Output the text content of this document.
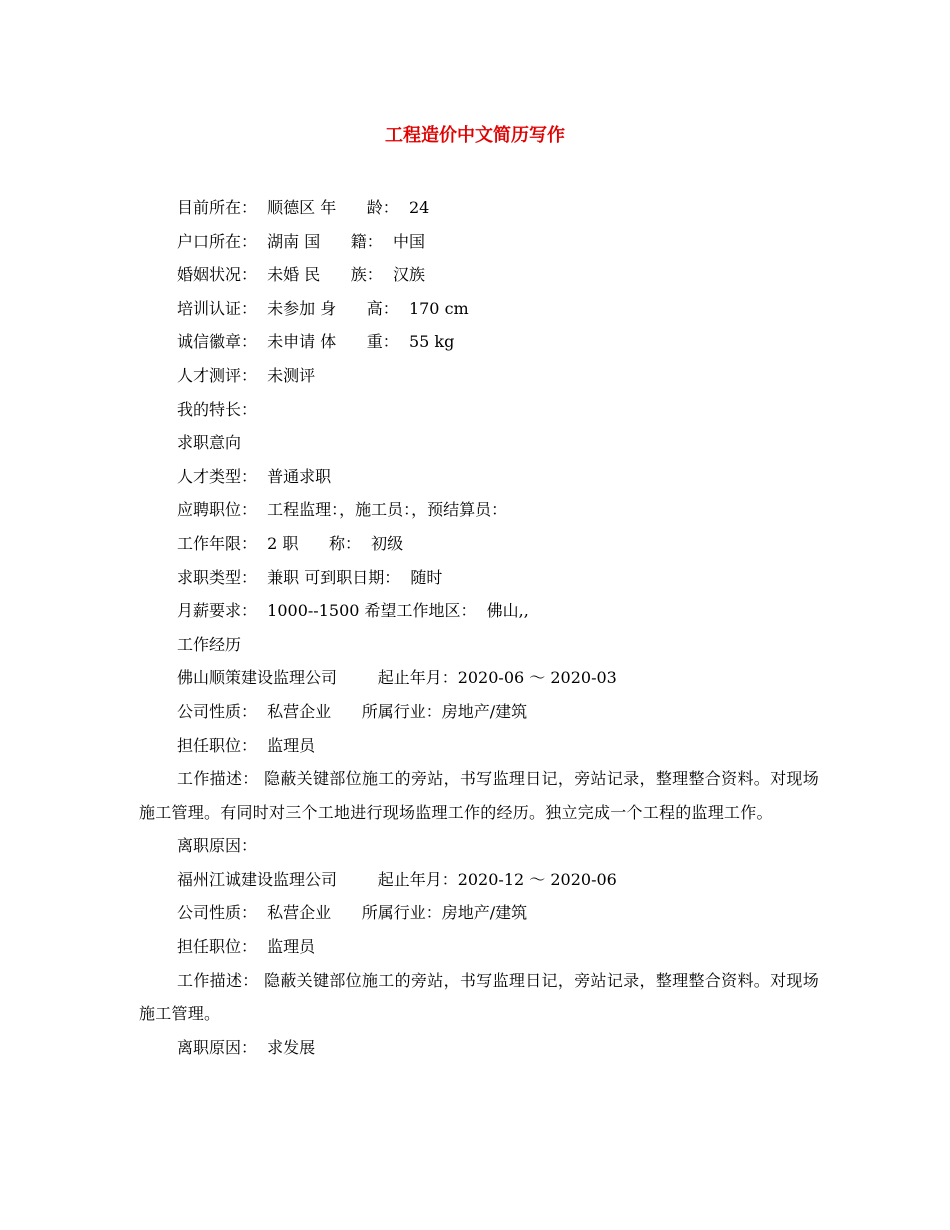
工程造价中文简历写作
目前所在：  顺德区 年      龄：  24
户口所在：  湖南 国      籍：  中国
婚姻状况：  未婚 民      族：  汉族
培训认证：  未参加 身      高：  170 cm
诚信徽章：  未申请 体      重：  55 kg
人才测评：  未测评
我的特长：
求职意向
人才类型：  普通求职
应聘职位：  工程监理：，施工员：，预结算员：
工作年限：  2 职      称：  初级
求职类型：  兼职 可到职日期：  随时
月薪要求：  1000--1500 希望工作地区：  佛山,,
工作经历
佛山顺策建设监理公司        起止年月：2020-06 ～ 2020-03
公司性质：  私营企业      所属行业：房地产/建筑
担任职位：  监理员
工作描述： 隐蔽关键部位施工的旁站，书写监理日记，旁站记录，整理整合资料。对现场施工管理。有同时对三个工地进行现场监理工作的经历。独立完成一个工程的监理工作。
离职原因：
福州江诚建设监理公司        起止年月：2020-12 ～ 2020-06
公司性质：  私营企业      所属行业：房地产/建筑
担任职位：  监理员
工作描述： 隐蔽关键部位施工的旁站，书写监理日记，旁站记录，整理整合资料。对现场施工管理。
离职原因：  求发展
